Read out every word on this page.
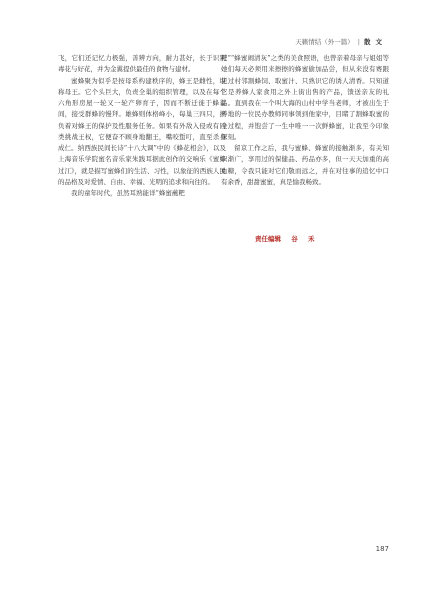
天籁情结（外一篇） | 散文

飞，它们还记忆力极强，善辨方向，耐力甚好，长于识别毒花与好花，并为金翼提供最佳的食物与建材。

蜜蜂聚为似乎是按母系构建秩序的，蜂王是雌性，堪称母王。它个头巨大，负责全巢的组织管理，以及在每个六角形房屋一轮又一轮产卵育子，因而不断迁徙于蜂巢间，接受群蜂的慢拜。雄蜂则体格峰小，每巢三四只，担负着对蜂王的保护及性服务任务。如果有外敌入侵或有同类挑战王权，它便奋不顾身地翻王，嘴咬蜇叮，直至杀身成仁。纳西族民间长诗“十八大调”中的《蜂花相会》，以及上海音乐学院蜜名音乐家朱践耳据此创作的交响乐《蜜蜂过江》，就是描写蜜蜂们的生活、习性，以象征的西族人民的品格及对爱情、自由、幸福、光明的追求和向往的。

我的童年时代，虽然耳熟能详“蜂蜜蘸粑

粑”“蜂蜜闹清灰”之类的美食照语，也曾亲着母亲与姐姐等她们每天必须用来擦擦的蜂蜜偷加品尝，但从来没有赛跟见过村邻割蜂饲、取蜜汁、只熟识它的诱人清香。只知道它是养蜂人家食用之外上街出售的产品，馈送亲友的礼品。直到我在一个叫大海的山村中学当老师，才被出生于养地的一位民办教师同事领到他家中，目睹了割蜂取蜜的全过程，并饱尝了一生中唯一一次鲜蜂蜜，让我至今印象深刻。

留京工作之后，我与蜜蜂、蜂蜜的接触渐多，有关知识渐广，享用过的保健品、药品亦多，但一天天加重的高血糖，令我只能对它们敬而远之，并在对往事的追忆中口有余香，甜甜蜜蜜，真是愉我畅致。

责任编辑 谷 禾
187
